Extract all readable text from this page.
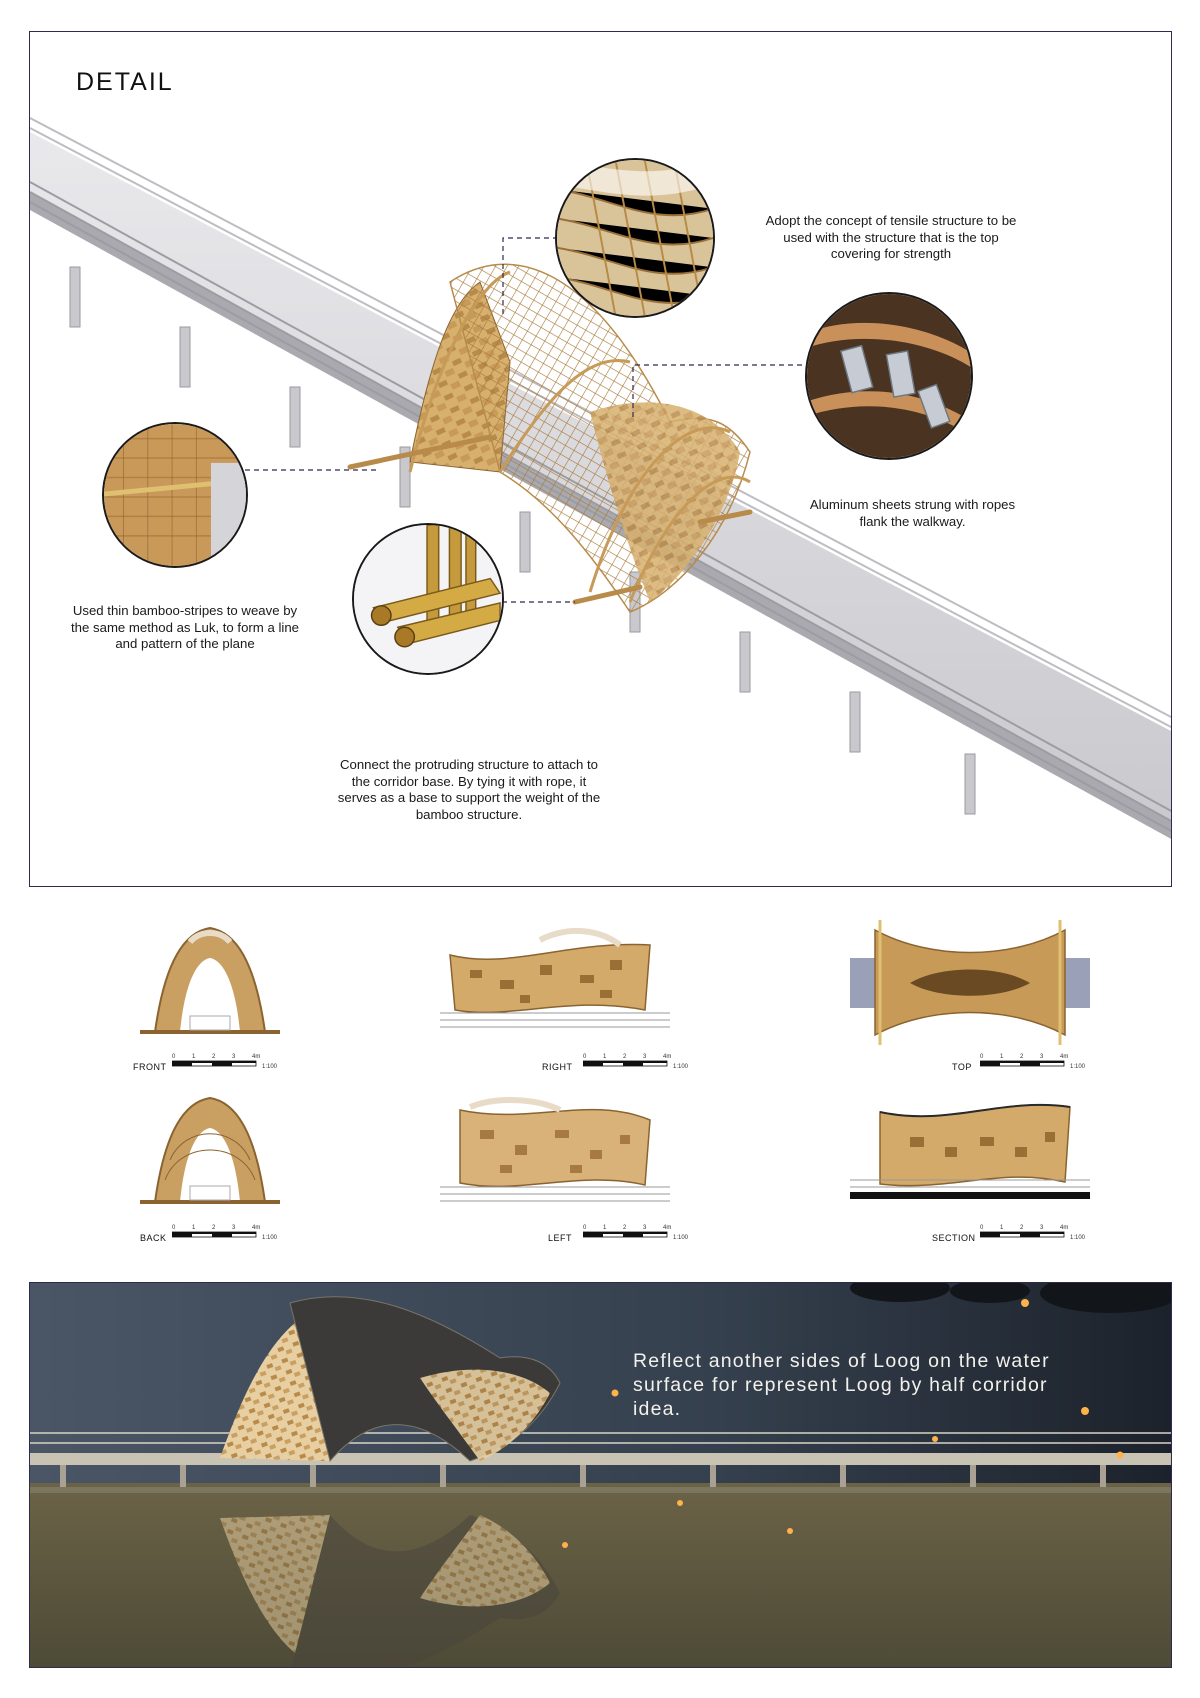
DETAIL
Adopt the concept of tensile structure to be used with the structure that is the top covering for strength
Aluminum sheets strung with ropes flank the walkway.
Used thin bamboo-stripes to weave by the same method as Luk, to form a line and pattern of the plane
Connect the protruding structure to attach to the corridor base. By tying it with rope, it serves as a base to support the weight of the bamboo structure.
FRONT
0	1	2	3	4m
1:100	RIGHT
0	1	2	3	4m
1:100	TOP
0	1	2	3	4m
1:100
BACK
0	1	2	3	4m
1:100	LEFT
0	1	2	3	4m
1:100	SECTION
0	1	2	3	4m
1:100
Reflect another sides of Loog on the water surface for represent Loog by half corridor idea.
